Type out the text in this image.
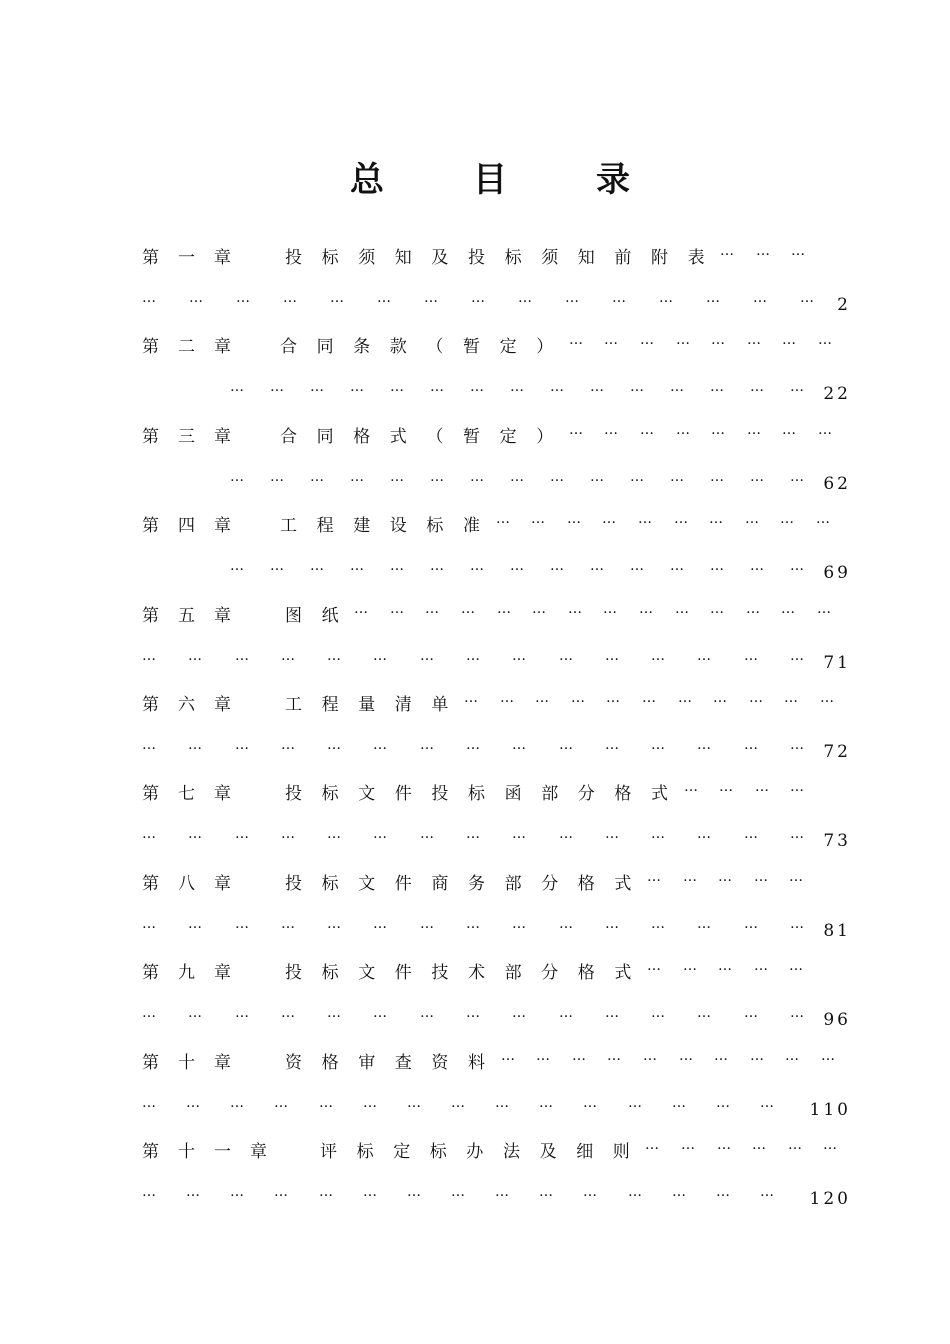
总	目	录
第 一 章	投 标 须 知 及 投 标 须 知 前 附 表 … … …
… … … … … … … … … … … … … … … 2
第 二 章	合 同 条 款 （ 暂 定 ） … … … … … … … …
… … … … … … … … … … … … … … … 22
第 三 章	合 同 格 式 （ 暂 定 ） … … … … … … … …
… … … … … … … … … … … … … … … 62
第 四 章	工 程 建 设 标 准 … … … … … … … … … …
… … … … … … … … … … … … … … … 69
第 五 章	图 纸 … … … … … … … … … … … … … …
… … … … … … … … … … … … … … … 71
第 六 章	工 程 量 清 单 … … … … … … … … … … …
… … … … … … … … … … … … … … … 72
第 七 章	投 标 文 件 投 标 函 部 分 格 式 … … … …
… … … … … … … … … … … … … … … 73
第 八 章	投 标 文 件 商 务 部 分 格 式 … … … … …
… … … … … … … … … … … … … … … 81
第 九 章	投 标 文 件 技 术 部 分 格 式 … … … … …
… … … … … … … … … … … … … … … 96
第 十 章	资 格 审 查 资 料 … … … … … … … … … …
… … … … … … … … … … … … … … … 110
第 十 一 章	评 标 定 标 办 法 及 细 则 … … … … … …
… … … … … … … … … … … … … … … 120
